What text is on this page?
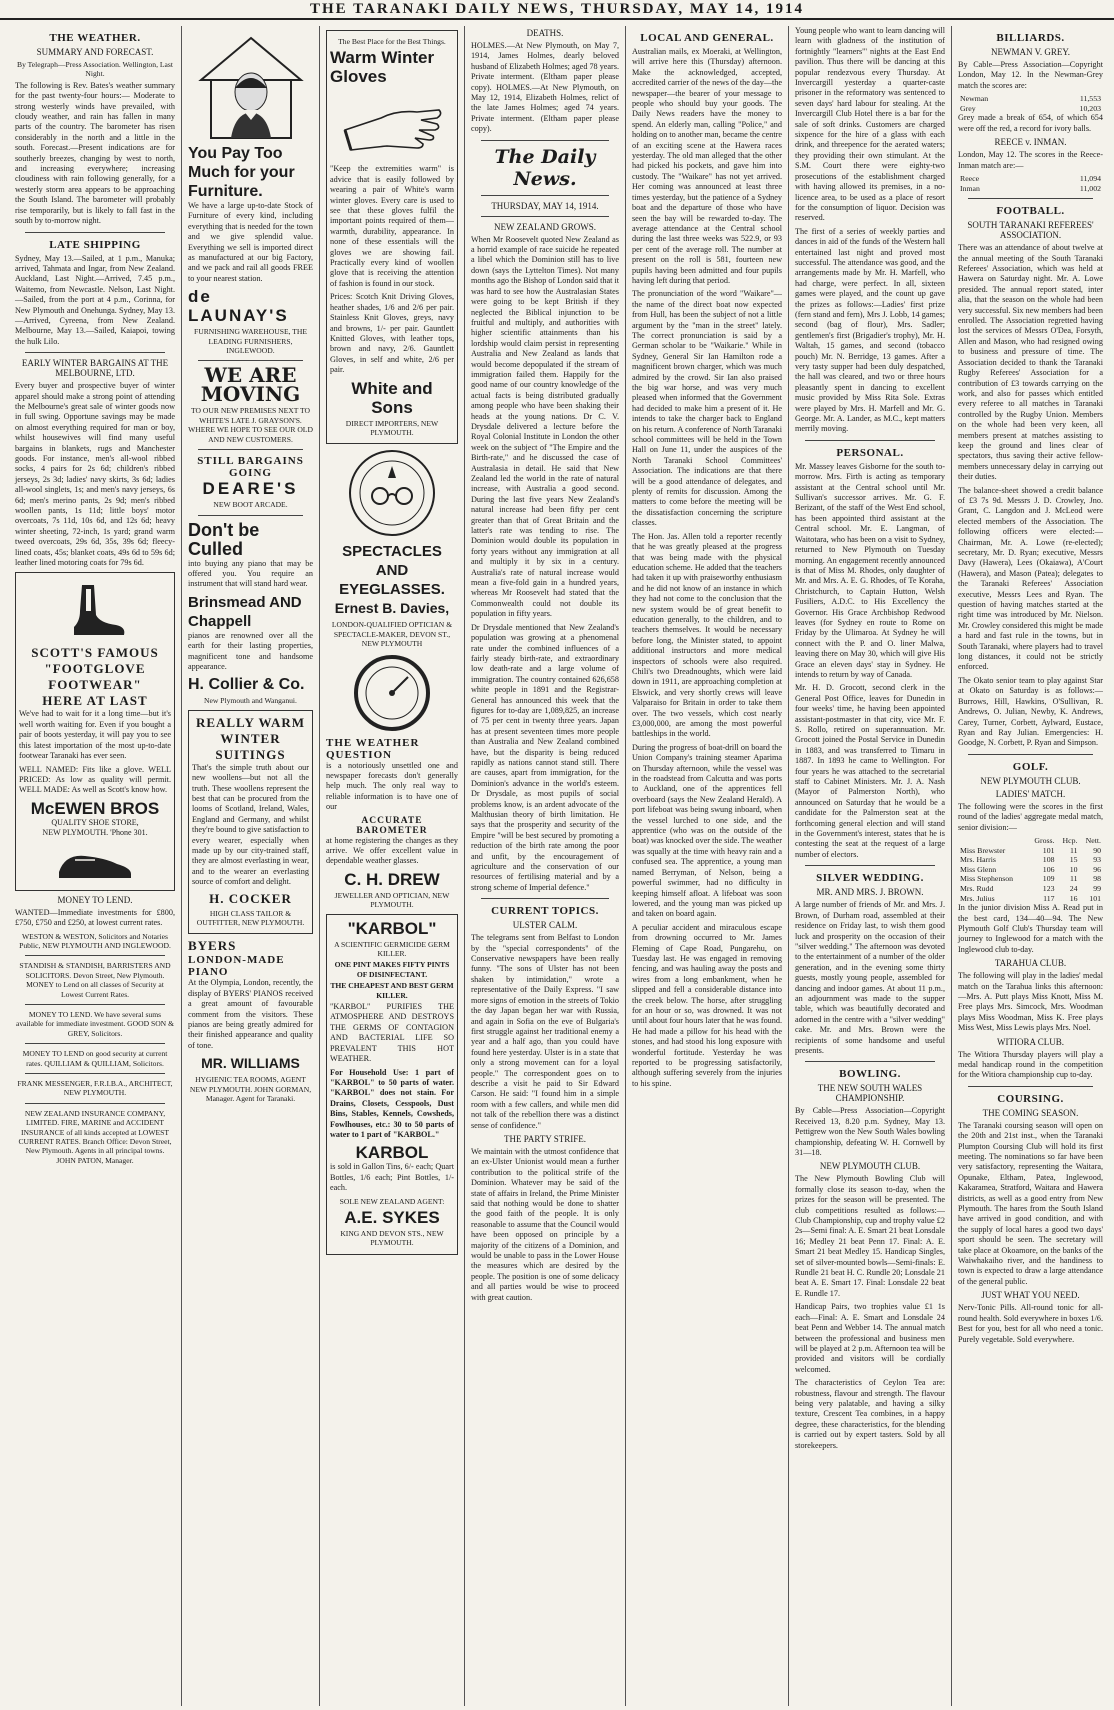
THE TARANAKI DAILY NEWS, THURSDAY, MAY 14, 1914
THE WEATHER.
SUMMARY AND FORECAST.
By Telegraph—Press Association. Wellington, Last Night.
The following is Rev. Bates's weather summary for the past twenty-four hours:— Moderate to strong westerly winds have prevailed, with cloudy weather, and rain has fallen in many parts of the country. The barometer has risen considerably in the north and a little in the south. Forecast.—Present indications are for southerly breezes, changing by west to north, and increasing everywhere; increasing cloudiness with rain following generally, for a westerly storm area appears to be approaching the South Island. The barometer will probably rise temporarily, but is likely to fall fast in the south by to-morrow night.
LATE SHIPPING
Sydney, May 13.—Sailed, at 1 p.m., Manuka; arrived, Tahmata and Ingar, from New Zealand. Auckland, Last Night.—Arrived, 7.45 p.m., Waitemo, from Newcastle. Nelson, Last Night.—Sailed, from the port at 4 p.m., Corinna, for New Plymouth and Onehunga. Sydney, May 13.—Arrived, Cyreena, from New Zealand. Melbourne, May 13.—Sailed, Kaiapoi, towing the hulk Lilo.
EARLY WINTER BARGAINS AT THE MELBOURNE, LTD.
Every buyer and prospective buyer of winter apparel should make a strong point of attending the Melbourne's great sale of winter goods now in full swing. Opportune savings may be made on almost everything required for man or boy, whilst housewives will find many useful bargains in blankets, rugs and Manchester goods. For instance, men's all-wool ribbed socks, 4 pairs for 2s 6d; children's ribbed jerseys, 2s 3d; ladies' navy skirts, 3s 6d; ladies all-wool singlets, 1s; and men's navy jerseys, 6s 6d; men's merino pants, 2s 9d; men's ribbed woollen pants, 1s 11d; little boys' motor overcoats, 7s 11d, 10s 6d, and 12s 6d; heavy winter sheeting, 72-inch, 1s yard; grand warm tweed overcoats, 29s 6d, 35s, 39s 6d; fleecy-lined coats, 45s; blanket coats, 49s 6d to 59s 6d; leather lined motoring coats for 79s 6d.
SCOTT'S FAMOUS
"FOOTGLOVE FOOTWEAR"
HERE AT LAST
We've had to wait for it a long time—but it's well worth waiting for. Even if you bought a pair of boots yesterday, it will pay you to see this latest importation of the most up-to-date footwear Taranaki has ever seen.
WELL NAMED: Fits like a glove. WELL PRICED: As low as quality will permit. WELL MADE: As well as Scott's know how.
McEWEN BROS
QUALITY SHOE STORE,
NEW PLYMOUTH. 'Phone 301.
MONEY TO LEND.
WANTED—Immediate investments for £800, £750, £750 and £250, at lowest current rates.
WESTON & WESTON, Solicitors and Notaries Public, NEW PLYMOUTH AND INGLEWOOD.
STANDISH & STANDISH, BARRISTERS AND SOLICITORS. Devon Street, New Plymouth. MONEY to Lend on all classes of Security at Lowest Current Rates.
MONEY TO LEND. We have several sums available for immediate investment. GOOD SON & GREY, Solicitors.
MONEY TO LEND on good security at current rates. QUILLIAM & QUILLIAM, Solicitors.
FRANK MESSENGER, F.R.I.B.A., ARCHITECT, NEW PLYMOUTH.
NEW ZEALAND INSURANCE COMPANY, LIMITED. FIRE, MARINE and ACCIDENT INSURANCE of all kinds accepted at LOWEST CURRENT RATES. Branch Office: Devon Street, New Plymouth. Agents in all principal towns. JOHN PATON, Manager.
You Pay Too Much for your Furniture.
We have a large up-to-date Stock of Furniture of every kind, including everything that is needed for the town and we give splendid value. Everything we sell is imported direct as manufactured at our big Factory, and we pack and rail all goods FREE to your nearest station.
de LAUNAY'S
FURNISHING WAREHOUSE, THE LEADING FURNISHERS, INGLEWOOD.
WE ARE MOVING
TO OUR NEW PREMISES NEXT TO WHITE'S LATE J. GRAYSON'S. WHERE WE HOPE TO SEE OUR OLD AND NEW CUSTOMERS.
STILL BARGAINS GOING
DEARE'S
NEW BOOT ARCADE.
Don't be Culled
into buying any piano that may be offered you. You require an instrument that will stand hard wear.
Brinsmead AND Chappell
pianos are renowned over all the earth for their lasting properties, magnificent tone and handsome appearance.
H. Collier & Co.
New Plymouth and Wanganui.
REALLY WARM WINTER SUITINGS
That's the simple truth about our new woollens—but not all the truth. These woollens represent the best that can be procured from the looms of Scotland, Ireland, Wales, England and Germany, and whilst they're bound to give satisfaction to every wearer, especially when made up by our city-trained staff, they are almost everlasting in wear, and to the wearer an everlasting source of comfort and delight.
H. COCKER
HIGH CLASS TAILOR & OUTFITTER, NEW PLYMOUTH.
BYERS
LONDON-MADE PIANO
At the Olympia, London, recently, the display of BYERS' PIANOS received a great amount of favourable comment from the visitors. These pianos are being greatly admired for their finished appearance and quality of tone.
MR. WILLIAMS
HYGIENIC TEA ROOMS, AGENT NEW PLYMOUTH. JOHN GORMAN, Manager. Agent for Taranaki.
The Best Place for the Best Things.
Warm Winter Gloves
"Keep the extremities warm" is advice that is easily followed by wearing a pair of White's warm winter gloves. Every care is used to see that these gloves fulfil the important points required of them—warmth, durability, appearance. In none of these essentials will the gloves we are showing fail. Practically every kind of woollen glove that is receiving the attention of fashion is found in our stock.
Prices: Scotch Knit Driving Gloves, heather shades, 1/6 and 2/6 per pair. Stainless Knit Gloves, greys, navy and browns, 1/- per pair. Gauntlett Knitted Gloves, with leather tops, brown and navy, 2/6. Gauntlett Gloves, in self and white, 2/6 per pair.
White and Sons
DIRECT IMPORTERS, NEW PLYMOUTH.
SPECTACLES AND EYEGLASSES.
Ernest B. Davies,
LONDON-QUALIFIED OPTICIAN & SPECTACLE-MAKER, DEVON ST., NEW PLYMOUTH
THE WEATHER QUESTION
is a notoriously unsettled one and newspaper forecasts don't generally help much. The only real way to reliable information is to have one of our
ACCURATE BAROMETER
at home registering the changes as they arrive. We offer excellent value in dependable weather glasses.
C. H. DREW
JEWELLER AND OPTICIAN, NEW PLYMOUTH.
"KARBOL"
A SCIENTIFIC GERMICIDE GERM KILLER.
ONE PINT MAKES FIFTY PINTS OF DISINFECTANT.
THE CHEAPEST AND BEST GERM KILLER.
"KARBOL" PURIFIES THE ATMOSPHERE AND DESTROYS THE GERMS OF CONTAGION AND BACTERIAL LIFE SO PREVALENT THIS HOT WEATHER.
For Household Use: 1 part of "KARBOL" to 50 parts of water. "KARBOL" does not stain. For Drains, Closets, Cesspools, Dust Bins, Stables, Kennels, Cowsheds, Fowlhouses, etc.: 30 to 50 parts of water to 1 part of "KARBOL."
KARBOL
is sold in Gallon Tins, 6/- each; Quart Bottles, 1/6 each; Pint Bottles, 1/- each.
SOLE NEW ZEALAND AGENT:
A.E. SYKES
KING AND DEVON STS., NEW PLYMOUTH.
DEATHS.
HOLMES.—At New Plymouth, on May 7, 1914, James Holmes, dearly beloved husband of Elizabeth Holmes; aged 78 years. Private interment. (Eltham paper please copy). HOLMES.—At New Plymouth, on May 12, 1914, Elizabeth Holmes, relict of the late James Holmes; aged 74 years. Private interment. (Eltham paper please copy).
The Daily News.
THURSDAY, MAY 14, 1914.
NEW ZEALAND GROWS.
When Mr Roosevelt quoted New Zealand as a horrid example of race suicide he repeated a libel which the Dominion still has to live down (says the Lyttelton Times). Not many months ago the Bishop of London said that it was hard to see how the Australasian States were going to be kept British if they neglected the Biblical injunction to be fruitful and multiply, and authorities with higher scientific attainments than his lordship would claim persist in representing Australia and New Zealand as lands that would become depopulated if the stream of immigration failed them. Happily for the good name of our country knowledge of the actual facts is being distributed gradually among people who have been shaking their heads at the young nations. Dr C. V. Drysdale delivered a lecture before the Royal Colonial Institute in London the other week on the subject of "The Empire and the Birth-rate," and he discussed the case of Australasia in detail. He said that New Zealand led the world in the rate of natural increase, with Australia a good second. During the last five years New Zealand's natural increase had been fifty per cent greater than that of Great Britain and the latter's rate was tending to rise. The Dominion would double its population in forty years without any immigration at all and multiply it by six in a century. Australia's rate of natural increase would mean a five-fold gain in a hundred years, whereas Mr Roosevelt had stated that the Commonwealth could not double its population in fifty years.
Dr Drysdale mentioned that New Zealand's population was growing at a phenomenal rate under the combined influences of a fairly steady birth-rate, and extraordinary low death-rate and a large volume of immigration. The country contained 626,658 white people in 1891 and the Registrar-General has announced this week that the figures for to-day are 1,089,825, an increase of 75 per cent in twenty three years. Japan has at present seventeen times more people than Australia and New Zealand combined have, but the disparity is being reduced rapidly as nations cannot stand still. There are causes, apart from immigration, for the Dominion's advance in the world's esteem. Dr Drysdale, as most pupils of social problems know, is an ardent advocate of the Malthusian theory of birth limitation. He says that the prosperity and security of the Empire "will be best secured by promoting a reduction of the birth rate among the poor and unfit, by the encouragement of agriculture and the conservation of our resources of fertilising material and by a strong scheme of Imperial defence."
CURRENT TOPICS.
ULSTER CALM.
The telegrams sent from Belfast to London by the "special correspondents" of the Conservative newspapers have been really funny. "The sons of Ulster has not been shaken by intimidation," wrote a representative of the Daily Express. "I saw more signs of emotion in the streets of Tokio the day Japan began her war with Russia, and again in Sofia on the eve of Bulgaria's first struggle against her traditional enemy a year and a half ago, than you could have found here yesterday. Ulster is in a state that only a strong movement can for a loyal people." The correspondent goes on to describe a visit he paid to Sir Edward Carson. He said: "I found him in a simple room with a few callers, and while men did not talk of the rebellion there was a distinct sense of confidence."
THE PARTY STRIFE.
We maintain with the utmost confidence that an ex-Ulster Unionist would mean a further contribution to the political strife of the Dominion. Whatever may be said of the state of affairs in Ireland, the Prime Minister said that nothing would be done to shatter the good faith of the people. It is only reasonable to assume that the Council would have been opposed on principle by a majority of the citizens of a Dominion, and would be unable to pass in the Lower House the measures which are desired by the people. The position is one of some delicacy and all parties would be wise to proceed with great caution.
LOCAL AND GENERAL.
Australian mails, ex Moeraki, at Wellington, will arrive here this (Thursday) afternoon. Make the acknowledged, accepted, accredited carrier of the news of the day—the newspaper—the bearer of your message to people who should buy your goods. The Daily News readers have the money to spend. An elderly man, calling "Police," and holding on to another man, became the centre of an exciting scene at the Hawera races yesterday. The old man alleged that the other had picked his pockets, and gave him into custody. The "Waikare" has not yet arrived. Her coming was announced at least three times yesterday, but the patience of a Sydney boat and the departure of those who have seen the bay will be rewarded to-day. The average attendance at the Central school during the last three weeks was 522.9, or 93 per cent of the average roll. The number at present on the roll is 581, fourteen new pupils having been admitted and four pupils having left during that period.
The pronunciation of the word "Waikare"—the name of the direct boat now expected from Hull, has been the subject of not a little argument by the "man in the street" lately. The correct pronunciation is said by a German scholar to be "Waikarie." While in Sydney, General Sir Ian Hamilton rode a magnificent brown charger, which was much admired by the crowd. Sir Ian also praised the big war horse, and was very much pleased when informed that the Government had decided to make him a present of it. He intends to take the charger back to England on his return. A conference of North Taranaki school committees will be held in the Town Hall on June 11, under the auspices of the North Taranaki School Committees' Association. The indications are that there will be a good attendance of delegates, and plenty of remits for discussion. Among the matters to come before the meeting will be the dissatisfaction concerning the scripture classes.
The Hon. Jas. Allen told a reporter recently that he was greatly pleased at the progress that was being made with the physical education scheme. He added that the teachers had taken it up with praiseworthy enthusiasm and he did not know of an instance in which they had not come to the conclusion that the new system would be of great benefit to education generally, to the children, and to teachers themselves. It would be necessary before long, the Minister stated, to appoint additional instructors and more medical inspectors of schools were also required. Chili's two Dreadnoughts, which were laid down in 1911, are approaching completion at Elswick, and very shortly crews will leave Valparaiso for Britain in order to take them over. The two vessels, which cost nearly £3,000,000, are among the most powerful battleships in the world.
During the progress of boat-drill on board the Union Company's training steamer Aparima on Thursday afternoon, while the vessel was in the roadstead from Calcutta and was ports to Auckland, one of the apprentices fell overboard (says the New Zealand Herald). A port lifeboat was being swung inboard, when the vessel lurched to one side, and the apprentice (who was on the outside of the boat) was knocked over the side. The weather was squally at the time with heavy rain and a confused sea. The apprentice, a young man named Berryman, of Nelson, being a powerful swimmer, had no difficulty in keeping himself afloat. A lifeboat was soon lowered, and the young man was picked up and taken on board again.
A peculiar accident and miraculous escape from drowning occurred to Mr. James Fleming of Cape Road, Pungarehu, on Tuesday last. He was engaged in removing fencing, and was hauling away the posts and wires from a long embankment, when he slipped and fell a considerable distance into the creek below. The horse, after struggling for an hour or so, was drowned. It was not until about four hours later that he was found. He had made a pillow for his head with the stones, and had stood his long exposure with wonderful fortitude. Yesterday he was reported to be progressing satisfactorily, although suffering severely from the injuries to his spine.
Young people who want to learn dancing will learn with gladness of the institution of fortnightly "learners'" nights at the East End pavilion. Thus there will be dancing at this popular rendezvous every Thursday. At Invercargill yesterday a quarter-caste prisoner in the reformatory was sentenced to seven days' hard labour for stealing. At the Invercargill Club Hotel there is a bar for the sale of soft drinks. Customers are charged sixpence for the hire of a glass with each drink, and threepence for the aerated waters; they providing their own stimulant. At the S.M. Court there were eighty-two prosecutions of the establishment charged with having allowed its premises, in a no-licence area, to be used as a place of resort for the consumption of liquor. Decision was reserved.
The first of a series of weekly parties and dances in aid of the funds of the Western hall entertained last night and proved most successful. The attendance was good, and the arrangements made by Mr. H. Marfell, who had charge, were perfect. In all, sixteen games were played, and the count up gave the prizes as follows:—Ladies' first prize (fern stand and fern), Mrs J. Lobb, 14 games; second (bag of flour), Mrs. Sadler; gentlemen's first (Brigadier's trophy), Mr. H. Waltah, 15 games, and second (tobacco pouch) Mr. N. Berridge, 13 games. After a very tasty supper had been duly despatched, the hall was cleared, and two or three hours pleasantly spent in dancing to excellent music provided by Miss Rita Sole. Extras were played by Mrs. H. Marfell and Mr. G. George. Mr. A. Lander, as M.C., kept matters merrily moving.
PERSONAL.
Mr. Massey leaves Gisborne for the south to-morrow. Mrs. Firth is acting as temporary assistant at the Central school until Mr. Sullivan's successor arrives. Mr. G. F. Berizant, of the staff of the West End school, has been appointed third assistant at the Central school. Mr. E. Langman, of Waitotara, who has been on a visit to Sydney, returned to New Plymouth on Tuesday morning. An engagement recently announced is that of Miss M. Rhodes, only daughter of Mr. and Mrs. A. E. G. Rhodes, of Te Koraha, Christchurch, to Captain Hutton, Welsh Fusiliers, A.D.C. to His Excellency the Governor. His Grace Archbishop Redwood leaves (for Sydney en route to Rome on Friday by the Ulimaroa. At Sydney he will connect with the P. and O. liner Malwa, leaving there on May 30, which will give His Grace an eleven days' stay in Sydney. He intends to return by way of Canada.
Mr. H. D. Grocott, second clerk in the General Post Office, leaves for Dunedin in four weeks' time, he having been appointed assistant-postmaster in that city, vice Mr. F. S. Rollo, retired on superannuation. Mr. Grocott joined the Postal Service in Dunedin in 1883, and was transferred to Timaru in 1887. In 1893 he came to Wellington. For four years he was attached to the secretarial staff to Cabinet Ministers. Mr. J. A. Nash (Mayor of Palmerston North), who announced on Saturday that he would be a candidate for the Palmerston seat at the forthcoming general election and will stand in the Government's interest, states that he is contesting the seat at the request of a large number of electors.
SILVER WEDDING.
MR. AND MRS. J. BROWN.
A large number of friends of Mr. and Mrs. J. Brown, of Durham road, assembled at their residence on Friday last, to wish them good luck and prosperity on the occasion of their "silver wedding." The afternoon was devoted to the entertainment of a number of the older generation, and in the evening some thirty guests, mostly young people, assembled for dancing and indoor games. At about 11 p.m., an adjournment was made to the supper table, which was beautifully decorated and adorned in the centre with a "silver wedding" cake. Mr. and Mrs. Brown were the recipients of some handsome and useful presents.
BOWLING.
THE NEW SOUTH WALES CHAMPIONSHIP.
By Cable—Press Association—Copyright Received 13, 8.20 p.m. Sydney, May 13. Pettigrew won the New South Wales bowling championship, defeating W. H. Cornwell by 31—18.
NEW PLYMOUTH CLUB.
The New Plymouth Bowling Club will formally close its season to-day, when the prizes for the season will be presented. The club competitions resulted as follows:— Club Championship, cup and trophy value £2 2s—Semi final: A. E. Smart 21 beat Lonsdale 16; Medley 21 beat Penn 17. Final: A. E. Smart 21 beat Medley 15. Handicap Singles, set of silver-mounted bowls—Semi-finals: E. Rundle 21 beat H. C. Rundle 20; Lonsdale 21 beat A. E. Smart 17. Final: Lonsdale 22 beat E. Rundle 17.
Handicap Pairs, two trophies value £1 1s each—Final: A. E. Smart and Lonsdale 24 beat Penn and Webber 14. The annual match between the professional and business men will be played at 2 p.m. Afternoon tea will be provided and visitors will be cordially welcomed.
The characteristics of Ceylon Tea are: robustness, flavour and strength. The flavour being very palatable, and having a silky texture, Crescent Tea combines, in a happy degree, these characteristics, for the blending is carried out by expert tasters. Sold by all storekeepers.
BILLIARDS.
NEWMAN V. GREY.
By Cable—Press Association—Copyright London, May 12. In the Newman-Grey match the scores are:
Newman	11,553
Grey	10,203
Grey made a break of 654, of which 654 were off the red, a record for ivory balls.
REECE v. INMAN.
London, May 12. The scores in the Reece-Inman match are:—
Reece	11,094
Inman	11,002
FOOTBALL.
SOUTH TARANAKI REFEREES' ASSOCIATION.
There was an attendance of about twelve at the annual meeting of the South Taranaki Referees' Association, which was held at Hawera on Saturday night. Mr. A. Lowe presided. The annual report stated, inter alia, that the season on the whole had been very successful. Six new members had been enrolled. The Association regretted having lost the services of Messrs O'Dea, Forsyth, Allen and Mason, who had resigned owing to business and pressure of time. The Association decided to thank the Taranaki Rugby Referees' Association for a contribution of £3 towards carrying on the work, and also for passes which entitled every referee to all matches in Taranaki controlled by the Rugby Union. Members on the whole had been very keen, all members present at matches assisting to keep the ground and lines clear of spectators, thus saving their active fellow-members unnecessary delay in carrying out their duties.
The balance-sheet showed a credit balance of £3 7s 9d. Messrs J. D. Crowley, Jno. Grant, C. Langdon and J. McLeod were elected members of the Association. The following officers were elected:—Chairman, Mr. A. Lowe (re-elected); secretary, Mr. D. Ryan; executive, Messrs Davy (Hawera), Lees (Okaiawa), A'Court (Hawera), and Mason (Patea); delegates to the Taranaki Referees' Association executive, Messrs Lees and Ryan. The question of having matches started at the right time was introduced by Mr. Nielson. Mr. Crowley considered this might be made a hard and fast rule in the towns, but in South Taranaki, where players had to travel long distances, it could not be strictly enforced.
The Okato senior team to play against Star at Okato on Saturday is as follows:—Burrows, Hill, Hawkins, O'Sullivan, R. Andrews, O. Julian, Newby, K. Andrews, Carey, Turner, Corbett, Aylward, Eustace, Ryan and Ray Julian. Emergencies: H. Goodge, N. Corbett, P. Ryan and Simpson.
GOLF.
NEW PLYMOUTH CLUB.
LADIES' MATCH.
The following were the scores in the first round of the ladies' aggregate medal match, senior division:—
	Gross.	Hcp.	Nett.
Miss Brewster	101	11	90
Mrs. Harris	108	15	93
Miss Glenn	106	10	96
Miss Stephenson	109	11	98
Mrs. Rudd	123	24	99
Mrs. Julius	117	16	101
In the junior division Miss A. Read put in the best card, 134—40—94. The New Plymouth Golf Club's Thursday team will journey to Inglewood for a match with the Inglewood club to-day.
TARAHUA CLUB.
The following will play in the ladies' medal match on the Tarahua links this afternoon:—Mrs. A. Putt plays Miss Knott, Miss M. Free plays Mrs. Simcock, Mrs. Woodman plays Miss Woodman, Miss K. Free plays Miss West, Miss Lewis plays Mrs. Noel.
WITIORA CLUB.
The Witiora Thursday players will play a medal handicap round in the competition for the Witiora championship cup to-day.
COURSING.
THE COMING SEASON.
The Taranaki coursing season will open on the 20th and 21st inst., when the Taranaki Plumpton Coursing Club will hold its first meeting. The nominations so far have been very satisfactory, representing the Waitara, Opunake, Eltham, Patea, Inglewood, Kakaramea, Stratford, Waitara and Hawera districts, as well as a good entry from New Plymouth. The hares from the South Island have arrived in good condition, and with the supply of local hares a good two days' sport should be seen. The secretary will take place at Okoamore, on the banks of the Waiwhakaiho river, and the handiness to town is expected to draw a large attendance of the general public.
JUST WHAT YOU NEED.
Nerv-Tonic Pills. All-round tonic for all-round health. Sold everywhere in boxes 1/6. Best for you, best for all who need a tonic. Purely vegetable. Sold everywhere.
